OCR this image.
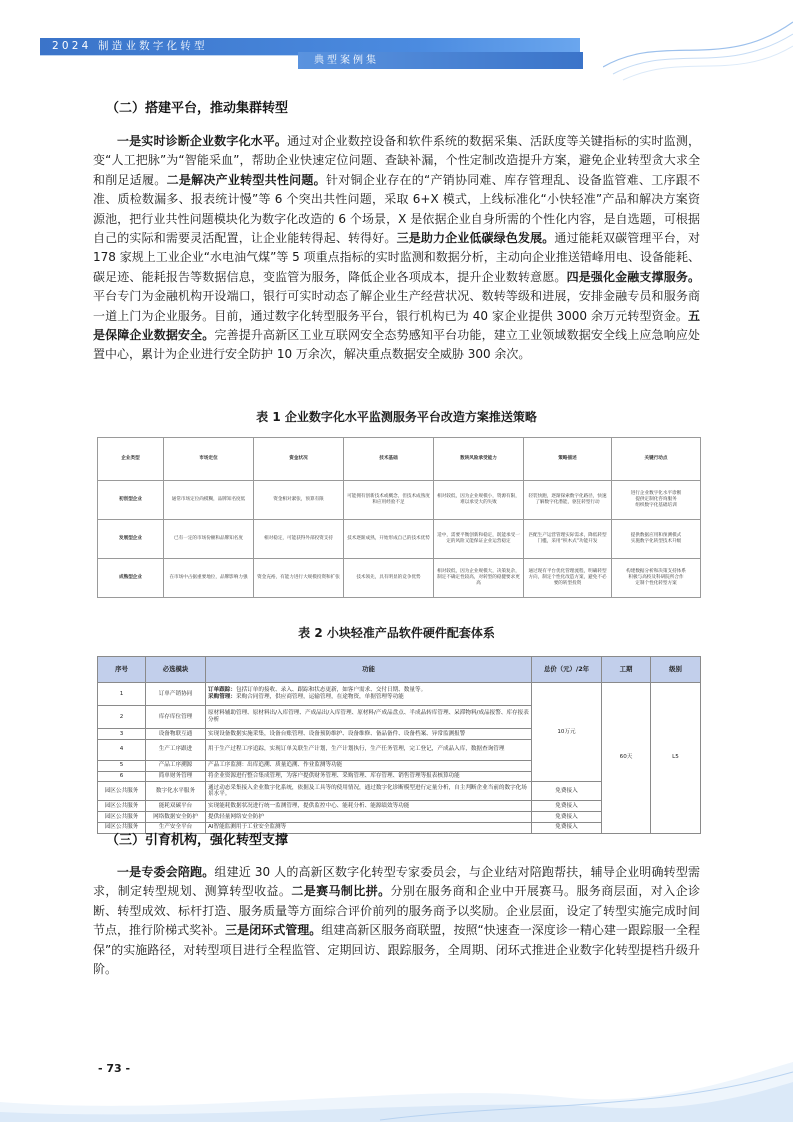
2024 制造业数字化转型
典型案例集
（二）搭建平台，推动集群转型

一是实时诊断企业数字化水平。通过对企业数控设备和软件系统的数据采集、活跃度等关键指标的实时监测，变“人工把脉”为“智能采血”，帮助企业快速定位问题、查缺补漏，个性定制改造提升方案，避免企业转型贪大求全和削足适履。二是解决产业转型共性问题。针对铜企业存在的“产销协同难、库存管理乱、设备监管难、工序跟不准、质检数漏多、报表统计慢”等 6 个突出共性问题，采取 6+X 模式，上线标准化“小快轻准”产品和解决方案资源池，把行业共性问题模块化为数字化改造的 6 个场景，X 是依据企业自身所需的个性化内容，是自选题，可根据自己的实际和需要灵活配置，让企业能转得起、转得好。三是助力企业低碳绿色发展。通过能耗双碳管理平台，对 178 家规上工业企业“水电油气煤”等 5 项重点指标的实时监测和数据分析，主动向企业推送错峰用电、设备能耗、碳足迹、能耗报告等数据信息，变监管为服务，降低企业各项成本，提升企业数转意愿。四是强化金融支撑服务。平台专门为金融机构开设端口，银行可实时动态了解企业生产经营状况、数转等级和进展，安排金融专员和服务商一道上门为企业服务。目前，通过数字化转型服务平台，银行机构已为 40 家企业提供 3000 余万元转型资金。五是保障企业数据安全。完善提升高新区工业互联网安全态势感知平台功能，建立工业领域数据安全线上应急响应处置中心，累计为企业进行安全防护 10 万余次，解决重点数据安全威胁 300 余次。

表 1 企业数字化水平监测服务平台改造方案推送策略
企业类型	市场定位	资金状况	技术基础	数转风险承受能力	策略描述	关键行动点
初创型企业	通常市场定位尚模糊，品牌知名度低	资金相对紧张，预算有限	可能拥有创新技术或概念，但技术成熟度和应用经验不足	相对较低，因为企业规模小，资源有限，难以承受大的失败	轻装快跑，逐渐探索数字化路径，快速了解数字化潜能，驱狂转型行动	进行企业数字化水平诊断
提供定制化咨询服务
组织数字化基础培训
发展型企业	已有一定的市场份额和品牌知名度	相对稳定，可能获得外部投资支持	技术逐渐成熟，开始形成自己的技术优势	适中，需要平衡创新和稳定，既能承受一定的风险又能保证企业运营稳定	匹配生产运营管理实际需求，降低转型门槛，采用“积木式”功能开发	提供数据应用和预测模式
实施数字化转型技术升级
成熟型企业	在市场中占据重要地位，品牌影响力强	资金充裕，有能力进行大规模投资和扩张	技术领先，具有明显的竞争优势	相对较低，因为企业规模大，决策复杂，制定不确定性较高，对转型的稳健要求更高	通过现有平台优化管理流程，明确转型方向，制定个性化改造方案，避免不必要的转型投资	构建数据分析和决策支持体系
积极与高校及科研院所合作
定制个性化转型方案
表 2 小块轻准产品软件硬件配套体系
序号	必选模块	功能	总价（元）/2年	工期	级别
1	订单产销协同	订单跟踪：包括订单的接收、录入、跟踪和状态更新，如客户需求、交付日期、数量等。
采购管理：采购合同管理，供应商管理，运输管理，在途物资，单据管理等功能	10万元	60天	L5
2	库存库位管理	原材料辅助管理、原材料出/入库管理、产成品出/入库管理、原材料/产成品盘点、半成品转库管理、呆滞物料/成品报警、库存报表分析			
3	设备物联互通	实现设备数据实施采集，设备台账管理、设备预防维护、设备维修、备品备件、设备档案、异常监测报警			
4	生产工序跟进	用于生产过程工序追踪，实现订单关联生产计划，生产计划执行，生产任务管理，完工登记，产成品入库，数据查询管理			
5	产品工序溯源	产品工序监测：出库追溯、质量追溯、作业监测等功能			
6	简单财务管理	将企业资源进行整合集成管理，为客户提供财务管理、采购管理、库存管理、销售管理等报表核算功能			
园区公共服务	数字化水平服务	通过动态采集接入企业数字化系统，依据及工具等的使用情况，通过数字化诊断模型进行定量分析，自主判断企业当前的数字化场景水平。	免费接入		
园区公共服务	能耗双碳平台	实现能耗数据状况进行统一监测管理，提供监控中心、能耗分析、能源绩效等功能	免费接入		
园区公共服务	网络数据安全防护	提供轻量网络安全防护	免费接入		
园区公共服务	生产安全平台	AI智能监测用于工业安全监测等	免费接入		
（三）引育机构，强化转型支撑

一是专委会陪跑。组建近 30 人的高新区数字化转型专家委员会，与企业结对陪跑帮扶，辅导企业明确转型需求，制定转型规划、测算转型收益。二是赛马制比拼。分别在服务商和企业中开展赛马。服务商层面，对入企诊断、转型成效、标杆打造、服务质量等方面综合评价前列的服务商予以奖励。企业层面，设定了转型实施完成时间节点，推行阶梯式奖补。三是闭环式管理。组建高新区服务商联盟，按照“快速查一深度诊一精心建一跟踪服一全程保”的实施路径，对转型项目进行全程监管、定期回访、跟踪服务，全周期、闭环式推进企业数字化转型提档升级升阶。

- 73 -
